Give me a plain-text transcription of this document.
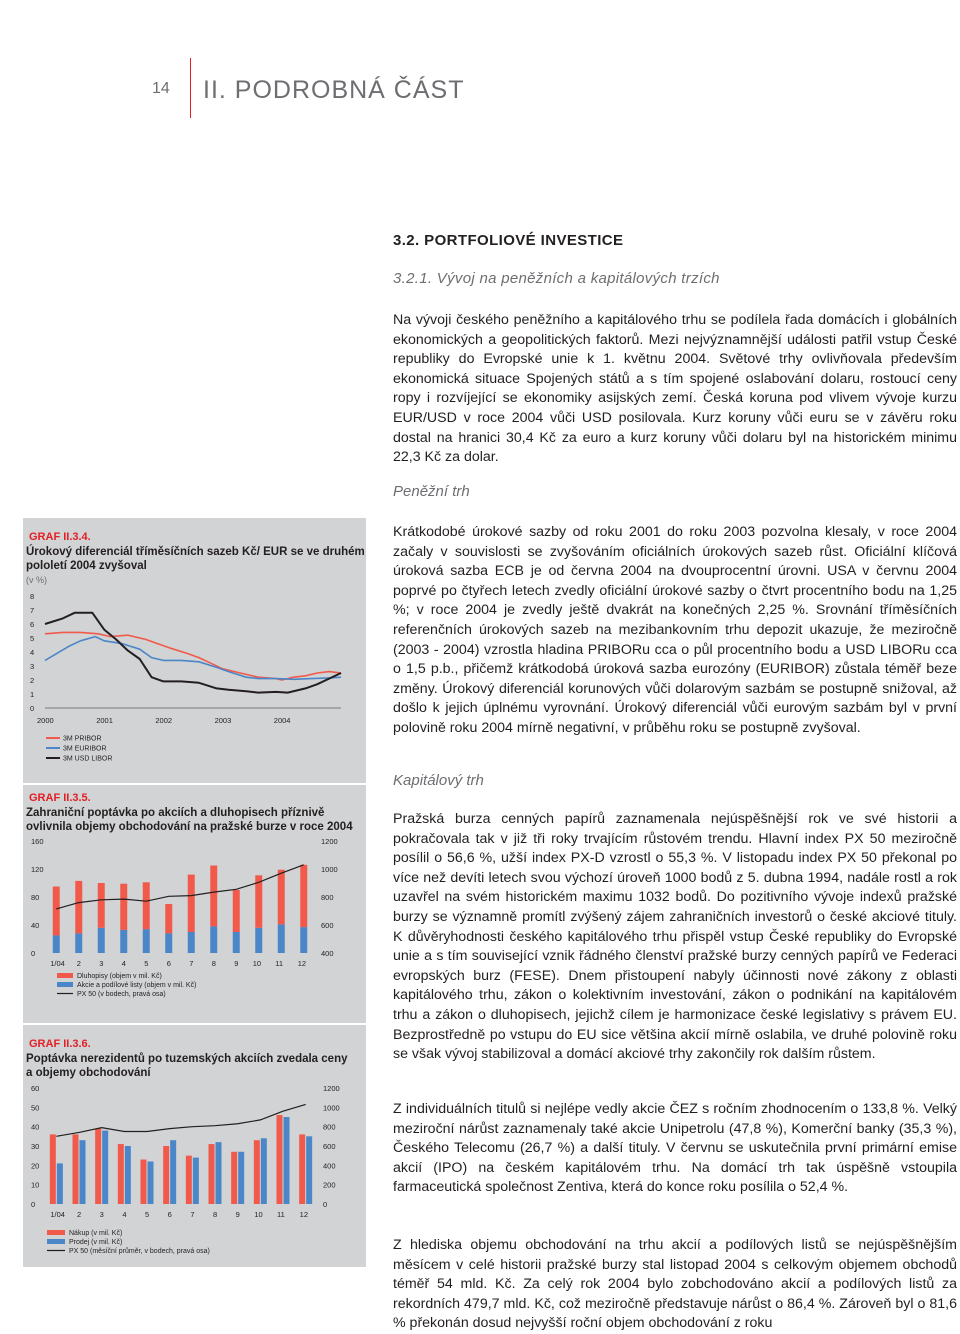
14 II. PODROBNÁ ČÁST
3.2. PORTFOLIOVÉ INVESTICE
3.2.1. Vývoj na peněžních a kapitálových trzích
Na vývoji českého peněžního a kapitálového trhu se podílela řada domácích i globálních ekonomických a geopolitických faktorů. Mezi nejvýznamnější události patřil vstup České republiky do Evropské unie k 1. květnu 2004. Světové trhy ovlivňovala především ekonomická situace Spojených států a s tím spojené oslabování dolaru, rostoucí ceny ropy i rozvíjející se ekonomiky asijských zemí. Česká koruna pod vlivem vývoje kurzu EUR/USD v roce 2004 vůči USD posilovala. Kurz koruny vůči euru se v závěru roku dostal na hranici 30,4 Kč za euro a kurz koruny vůči dolaru byl na historickém minimu 22,3 Kč za dolar.
Peněžní trh
Krátkodobé úrokové sazby od roku 2001 do roku 2003 pozvolna klesaly, v roce 2004 začaly v souvislosti se zvyšováním oficiálních úrokových sazeb růst. Oficiální klíčová úroková sazba ECB je od června 2004 na dvouprocentní úrovni. USA v červnu 2004 poprvé po čtyřech letech zvedly oficiální úrokové sazby o čtvrt procentního bodu na 1,25 %; v roce 2004 je zvedly ještě dvakrát na konečných 2,25 %. Srovnání tříměsíčních referenčních úrokových sazeb na mezibankovním trhu depozit ukazuje, že meziročně (2003 - 2004) vzrostla hladina PRIBORu cca o půl procentního bodu a USD LIBORu cca o 1,5 p.b., přičemž krátkodobá úroková sazba eurozóny (EURIBOR) zůstala téměř beze změny. Úrokový diferenciál korunových vůči dolarovým sazbám se postupně snižoval, až došlo k jejich úplnému vyrovnání. Úrokový diferenciál vůči eurovým sazbám byl v první polovině roku 2004 mírně negativní, v průběhu roku se postupně zvyšoval.
Kapitálový trh
Pražská burza cenných papírů zaznamenala nejúspěšnější rok ve své historii a pokračovala tak v již tři roky trvajícím růstovém trendu. Hlavní index PX 50 meziročně posílil o 56,6 %, užší index PX-D vzrostl o 55,3 %. V listopadu index PX 50 překonal po více než devíti letech svou výchozí úroveň 1000 bodů z 5. dubna 1994, nadále rostl a rok uzavřel na svém historickém maximu 1032 bodů. Do pozitivního vývoje indexů pražské burzy se významně promítl zvýšený zájem zahraničních investorů o české akciové tituly. K důvěryhodnosti českého kapitálového trhu přispěl vstup České republiky do Evropské unie a s tím související vznik řádného členství pražské burzy cenných papírů ve Federaci evropských burz (FESE). Dnem přistoupení nabyly účinnosti nové zákony z oblasti kapitálového trhu, zákon o kolektivním investování, zákon o podnikání na kapitálovém trhu a zákon o dluhopisech, jejichž cílem je harmonizace české legislativy s právem EU. Bezprostředně po vstupu do EU sice většina akcií mírně oslabila, ve druhé polovině roku se však vývoj stabilizoval a domácí akciové trhy zakončily rok dalším růstem.
Z individuálních titulů si nejlépe vedly akcie ČEZ s ročním zhodnocením o 133,8 %. Velký meziroční nárůst zaznamenaly také akcie Unipetrolu (47,8 %), Komerční banky (35,3 %), Českého Telecomu (26,7 %) a další tituly. V červnu se uskutečnila první primární emise akcií (IPO) na českém kapitálovém trhu. Na domácí trh tak úspěšně vstoupila farmaceutická společnost Zentiva, která do konce roku posílila o 52,4 %.
Z hlediska objemu obchodování na trhu akcií a podílových listů se nejúspěšnějším měsícem v celé historii pražské burzy stal listopad 2004 s celkovým objemem obchodů téměř 54 mld. Kč. Za celý rok 2004 bylo zobchodováno akcií a podílových listů za rekordních 479,7 mld. Kč, což meziročně představuje nárůst o 86,4 %. Zároveň byl o 81,6 % překonán dosud nejvyšší roční objem obchodování z roku
GRAF II.3.4.
Úrokový diferenciál tříměsíčních sazeb Kč/ EUR se ve druhém
pololetí 2004 zvyšoval
(v %)
0
1
2
3
4
5
6
7
8
2000	2001	2002	2003	2004
3M PRIBOR
3M EURIBOR
3M USD LIBOR
GRAF II.3.5.
Zahraniční poptávka po akciích a dluhopisech příznivě
ovlivnila objemy obchodování na pražské burze v roce 2004
0
40
80
120
160
400
600
800
1000
1200
1/04 2 3 4 5 6 7 8 9 10 11 12
Dluhopisy (objem v mil. Kč)
Akcie a podílové listy (objem v mil. Kč)
PX 50 (v bodech, pravá osa)
GRAF II.3.6.
Poptávka nerezidentů po tuzemských akciích zvedala ceny
a objemy obchodování
0
10
20
30
40
50
60
0
200
400
600
800
1000
1200
1/04 2 3 4 5 6 7 8 9 10 11 12
Nákup (v mil. Kč)
Prodej (v mil. Kč)
PX 50 (měsíční průměr, v bodech, pravá osa)
